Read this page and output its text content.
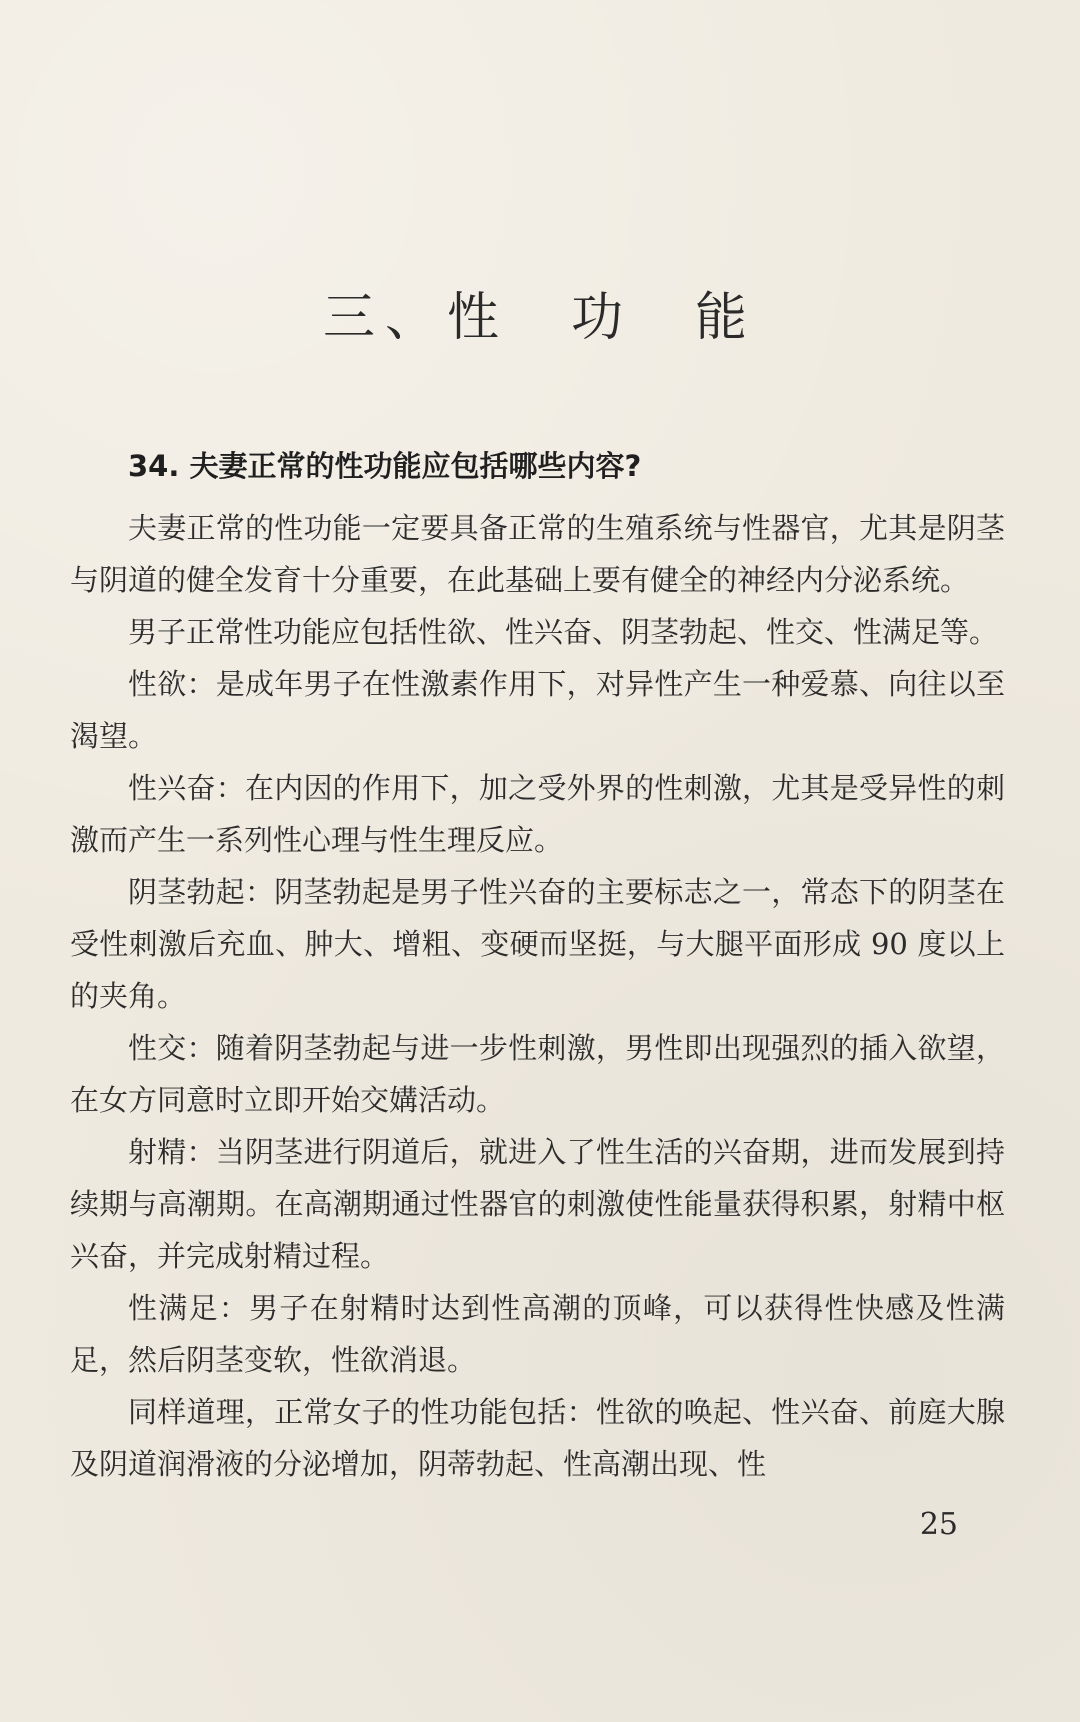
三、性　功　能

34. 夫妻正常的性功能应包括哪些内容?

夫妻正常的性功能一定要具备正常的生殖系统与性器官，尤其是阴茎与阴道的健全发育十分重要，在此基础上要有健全的神经内分泌系统。

男子正常性功能应包括性欲、性兴奋、阴茎勃起、性交、性满足等。

性欲：是成年男子在性激素作用下，对异性产生一种爱慕、向往以至渴望。

性兴奋：在内因的作用下，加之受外界的性刺激，尤其是受异性的刺激而产生一系列性心理与性生理反应。

阴茎勃起：阴茎勃起是男子性兴奋的主要标志之一，常态下的阴茎在受性刺激后充血、肿大、增粗、变硬而坚挺，与大腿平面形成 90 度以上的夹角。

性交：随着阴茎勃起与进一步性刺激，男性即出现强烈的插入欲望，在女方同意时立即开始交媾活动。

射精：当阴茎进行阴道后，就进入了性生活的兴奋期，进而发展到持续期与高潮期。在高潮期通过性器官的刺激使性能量获得积累，射精中枢兴奋，并完成射精过程。

性满足：男子在射精时达到性高潮的顶峰，可以获得性快感及性满足，然后阴茎变软，性欲消退。

同样道理，正常女子的性功能包括：性欲的唤起、性兴奋、前庭大腺及阴道润滑液的分泌增加，阴蒂勃起、性高潮出现、性

25
